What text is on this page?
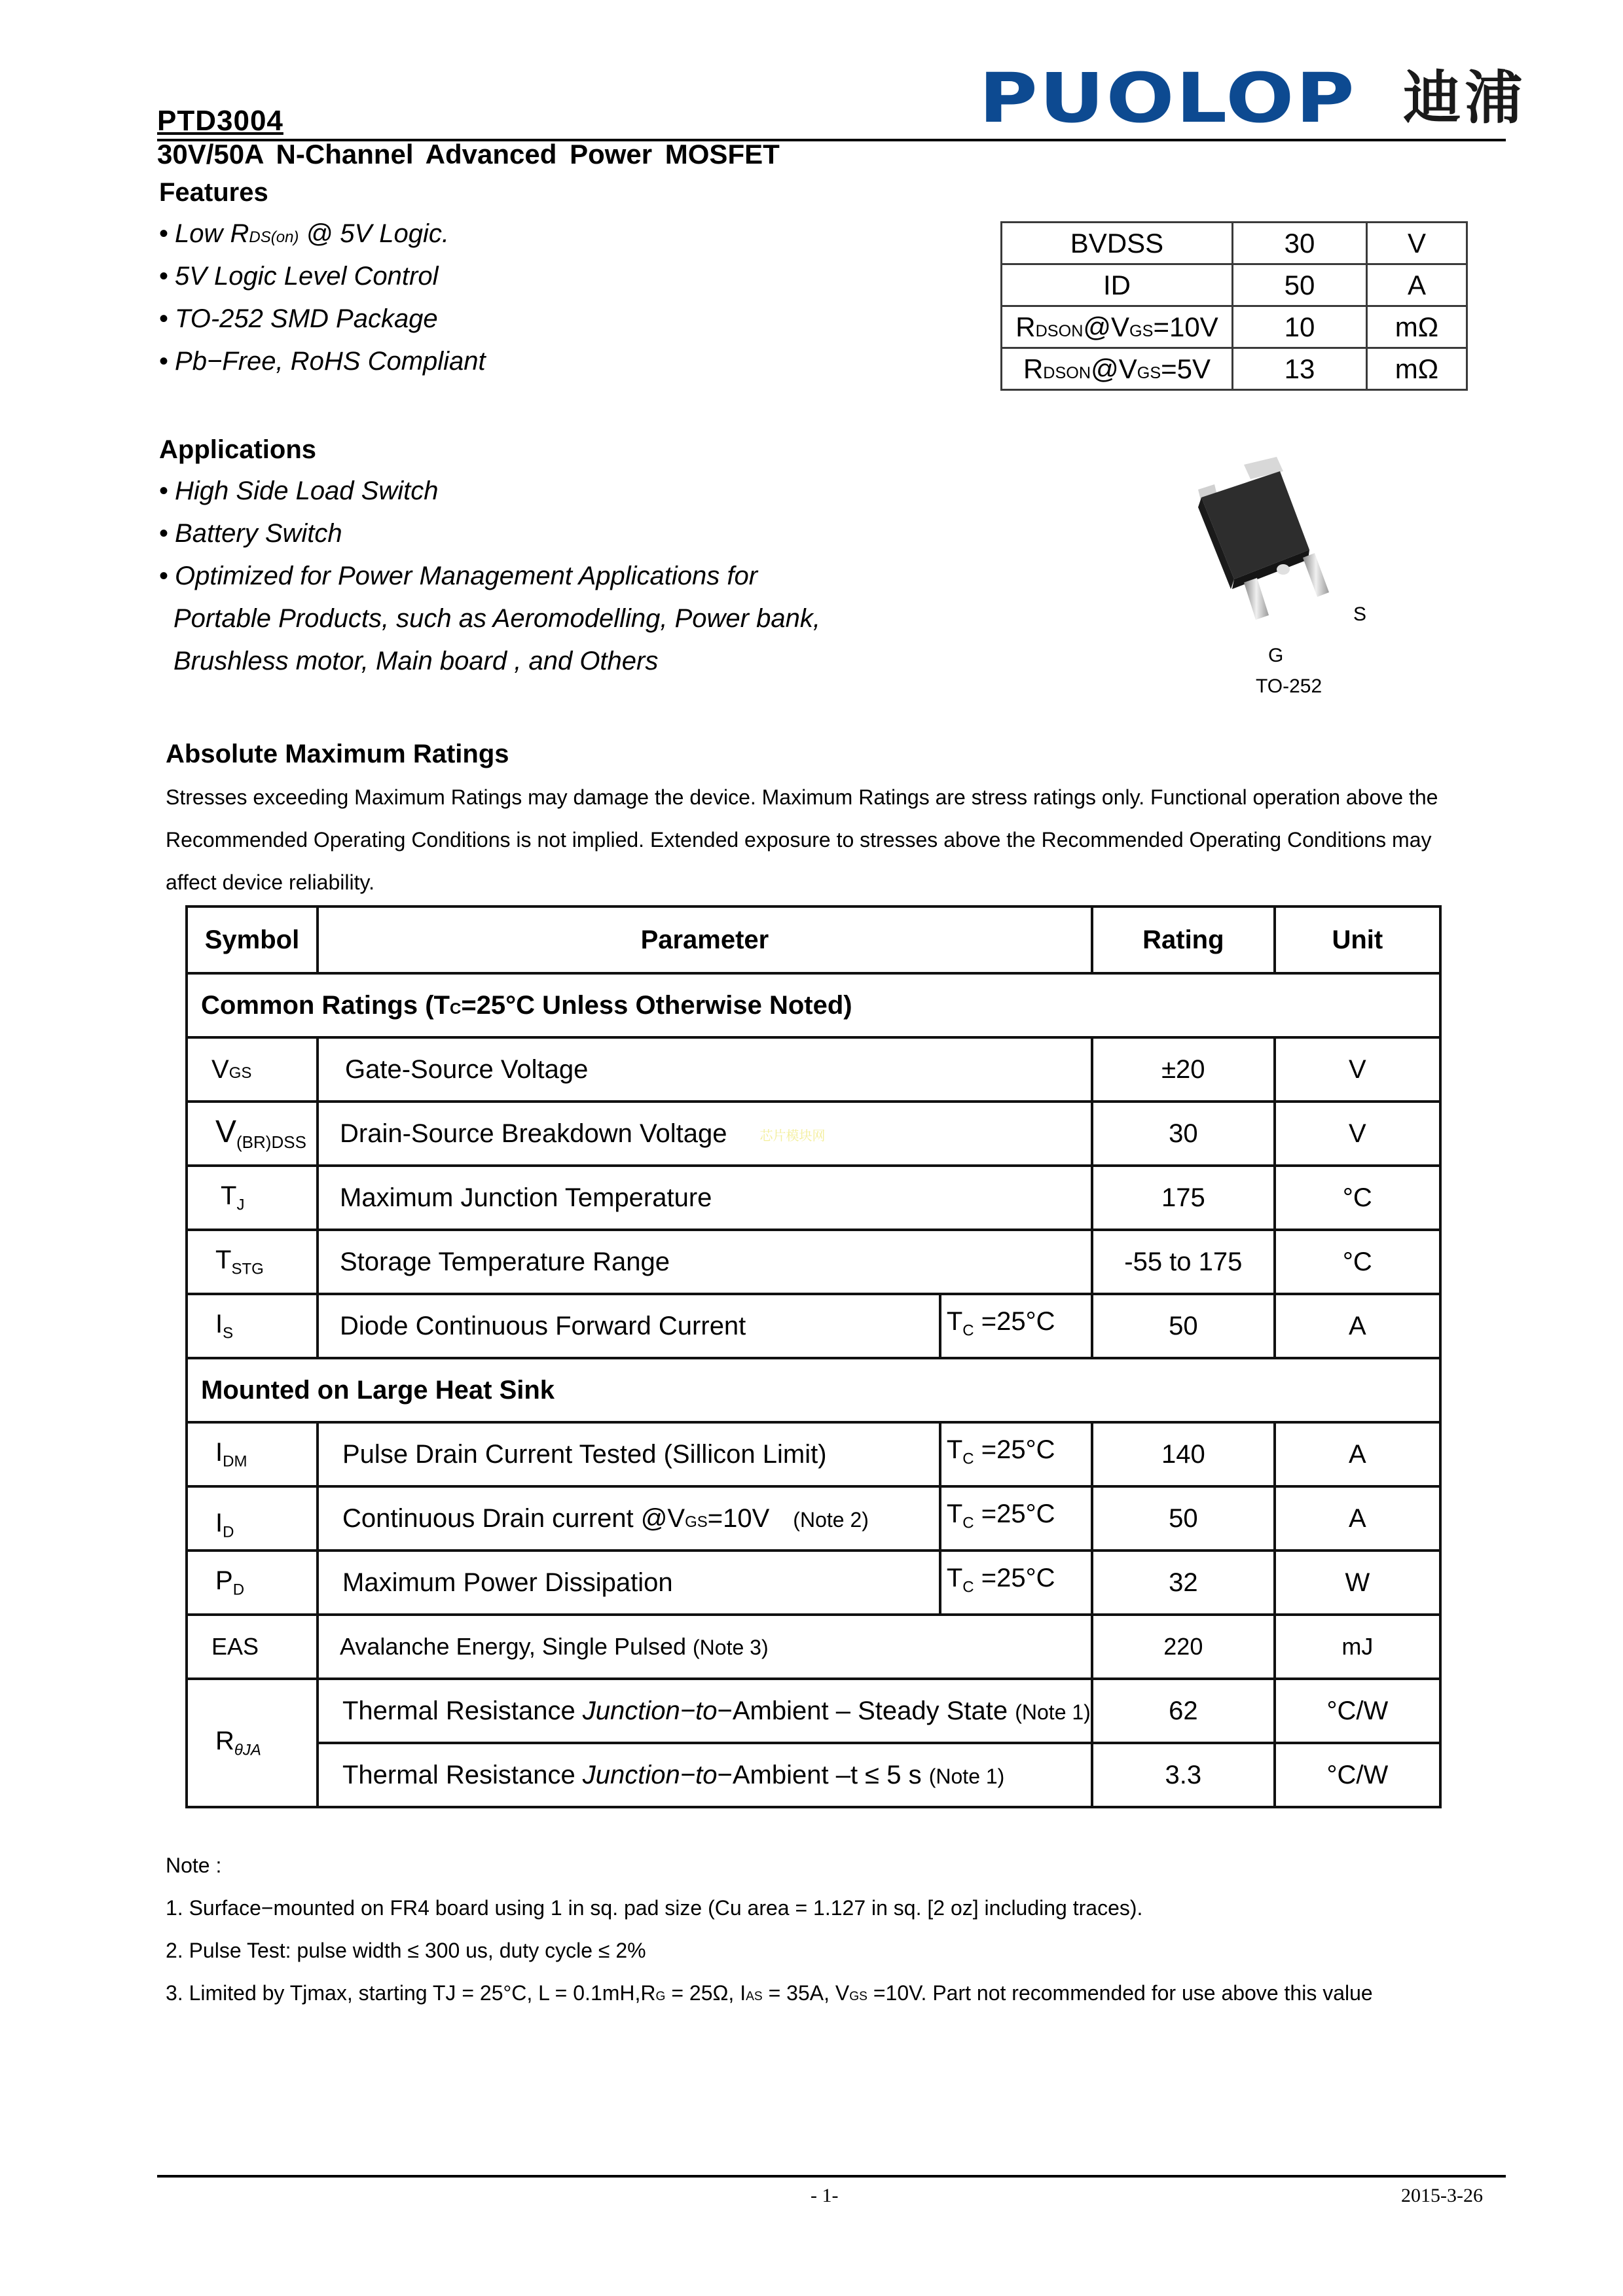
PUOLOP 迪浦
PTD3004
30V/50A N-Channel Advanced Power MOSFET
Features
• Low RDS(on) @ 5V Logic.
• 5V Logic Level Control
• TO-252 SMD Package
• Pb−Free, RoHS Compliant
BVDSS	30	V
ID	50	A
RDSON@VGS=10V	10	mΩ
RDSON@VGS=5V	13	mΩ
Applications
• High Side Load Switch
• Battery Switch
• Optimized for Power Management Applications for
Portable Products, such as Aeromodelling, Power bank,
Brushless motor, Main board , and Others
S
G
TO-252
Absolute Maximum Ratings
Stresses exceeding Maximum Ratings may damage the device. Maximum Ratings are stress ratings only. Functional operation above the
Recommended Operating Conditions is not implied. Extended exposure to stresses above the Recommended Operating Conditions may
affect device reliability.
Symbol	Parameter		Rating	Unit
Common Ratings (TC=25°C Unless Otherwise Noted)				
VGS	Gate-Source Voltage		±20	V
$V_{(BR)DSS}$	Drain-Source Breakdown Voltage 芯片模块网		30	V
$T_J$	Maximum Junction Temperature		175	°C
$T_{STG}$	Storage Temperature Range		-55 to 175	°C
$I_S$	Diode Continuous Forward Current	$T_C =25^\circ C$	50	A
Mounted on Large Heat Sink				
$I_{DM}$	Pulse Drain Current Tested (Sillicon Limit)	$T_C =25^\circ C$	140	A
$I_D$	Continuous Drain current @VGS=10V (Note 2)	$T_C =25^\circ C$	50	A
$P_D$	Maximum Power Dissipation	$T_C =25^\circ C$	32	W
EAS	Avalanche Energy, Single Pulsed (Note 3)		220	mJ
$R_{\theta JA}$	Thermal Resistance Junction−to−Ambient – Steady State (Note 1)		62	°C/W
	Thermal Resistance Junction−to−Ambient –t ≤ 5 s (Note 1)		3.3	°C/W
Note :
1. Surface−mounted on FR4 board using 1 in sq. pad size (Cu area = 1.127 in sq. [2 oz] including traces).
2. Pulse Test: pulse width ≤ 300 us, duty cycle ≤ 2%
3. Limited by Tjmax, starting TJ = 25°C, L = 0.1mH,RG = 25Ω, IAS = 35A, VGS =10V. Part not recommended for use above this value
- 1-	2015-3-26
